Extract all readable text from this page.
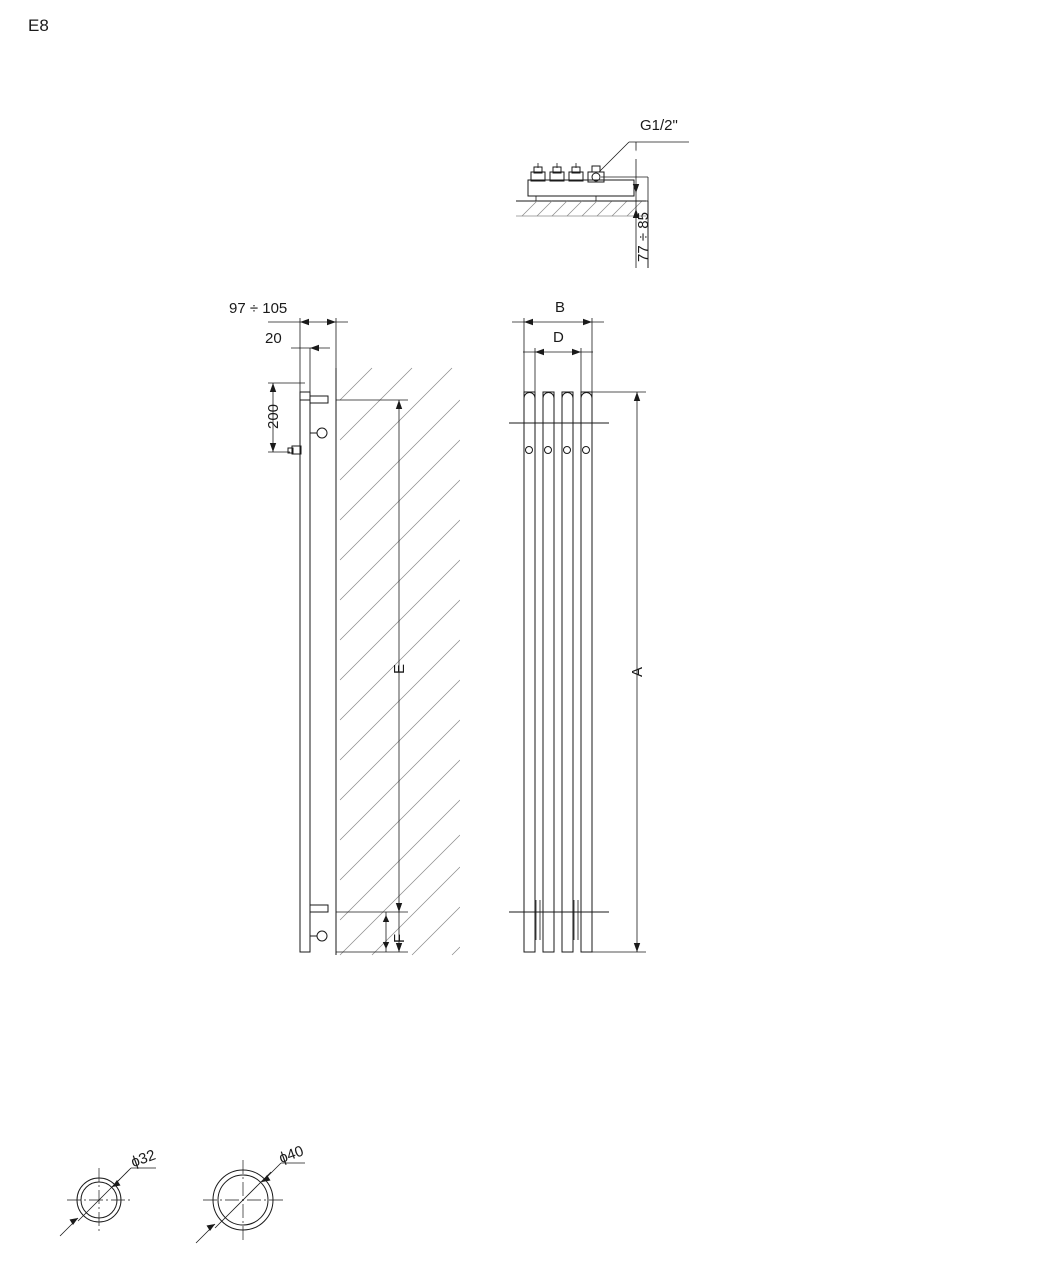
E8
G1/2"
77 ÷ 85
97 ÷ 105
20
200
E
F
B
D
A
ɸ32	ɸ40
